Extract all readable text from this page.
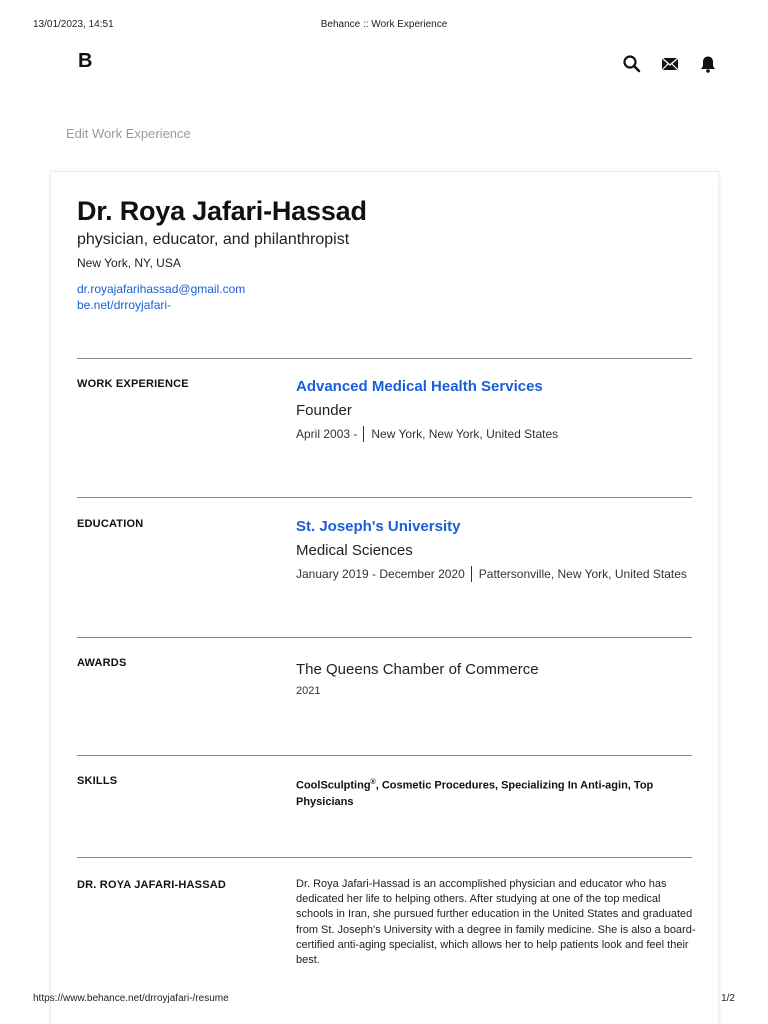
13/01/2023, 14:51	Behance :: Work Experience
B
Edit Work Experience
Dr. Roya Jafari-Hassad
physician, educator, and philanthropist
New York, NY, USA
dr.royajafarihassad@gmail.com
be.net/drroyjafari-
WORK EXPERIENCE	Advanced Medical Health Services
Founder
April 2003 - New York, New York, United States
EDUCATION	St. Joseph's University
Medical Sciences
January 2019 - December 2020 Pattersonville, New York, United States
AWARDS	The Queens Chamber of Commerce
2021
SKILLS	CoolSculpting®, Cosmetic Procedures, Specializing In Anti-agin, Top Physicians
DR. ROYA JAFARI-HASSAD	Dr. Roya Jafari-Hassad is an accomplished physician and educator who has dedicated her life to helping others. After studying at one of the top medical schools in Iran, she pursued further education in the United States and graduated from St. Joseph's University with a degree in family medicine. She is also a board-certified anti-aging specialist, which allows her to help patients look and feel their best.
https://www.behance.net/drroyjafari-/resume	1/2
